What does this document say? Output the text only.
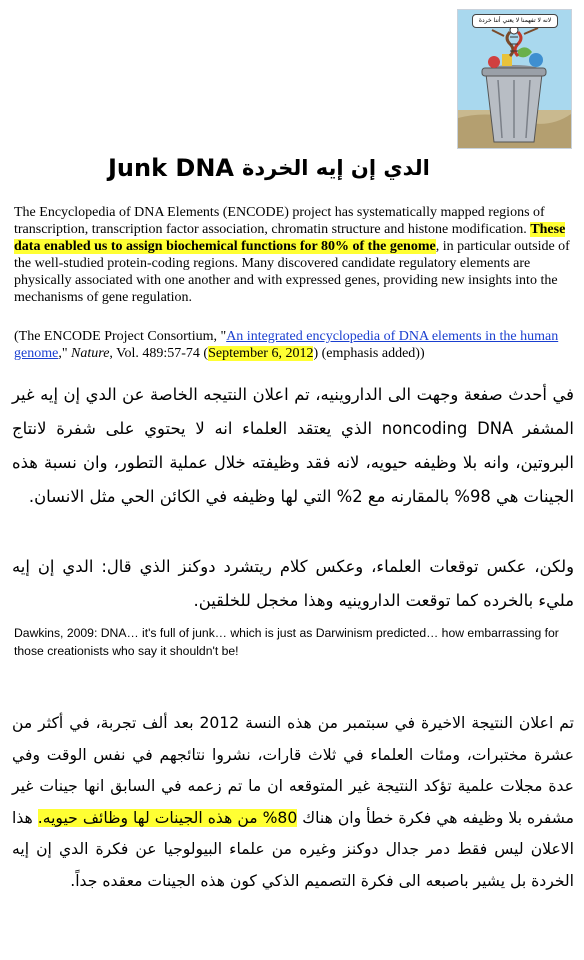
لانه لا تفهمنا لا يعني أننا خردة
Junk DNA الدي إن إيه الخردة
The Encyclopedia of DNA Elements (ENCODE) project has systematically mapped regions of transcription, transcription factor association, chromatin structure and histone modification. These data enabled us to assign biochemical functions for 80% of the genome, in particular outside of the well-studied protein-coding regions. Many discovered candidate regulatory elements are physically associated with one another and with expressed genes, providing new insights into the mechanisms of gene regulation.
(The ENCODE Project Consortium, "An integrated encyclopedia of DNA elements in the human genome," Nature, Vol. 489:57-74 (September 6, 2012) (emphasis added))
في أحدث صفعة وجهت الى الداروينيه، تم اعلان النتيجه الخاصة عن الدي إن إيه غير المشفر noncoding DNA الذي يعتقد العلماء انه لا يحتوي على شفرة لانتاج البروتين، وانه بلا وظيفه حيويه، لانه فقد وظيفته خلال عملية التطور، وان نسبة هذه الجينات هي 98% بالمقارنه مع 2% التي لها وظيفه في الكائن الحي مثل الانسان.
ولكن، عكس توقعات العلماء، وعكس كلام ريتشرد دوكنز الذي قال: الدي إن إيه مليء بالخرده كما توقعت الداروينيه وهذا مخجل للخلقين.
Dawkins, 2009: DNA… it's full of junk… which is just as Darwinism predicted… how embarrassing for those creationists who say it shouldn't be!
تم اعلان النتيجة الاخيرة في سبتمبر من هذه النسة 2012 بعد ألف تجربة، في أكثر من عشرة مختبرات، ومئات العلماء في ثلاث قارات، نشروا نتائجهم في نفس الوقت وفي عدة مجلات علمية تؤكد النتيجة غير المتوقعه ان ما تم زعمه في السابق انها جينات غير مشفره بلا وظيفه هي فكرة خطأ وان هناك 80% من هذه الجينات لها وظائف حيويه. هذا الاعلان ليس فقط دمر جدال دوكنز وغيره من علماء البيولوجيا عن فكرة الدي إن إيه الخردة بل يشير باصبعه الى فكرة التصميم الذكي كون هذه الجينات معقده جداً.
